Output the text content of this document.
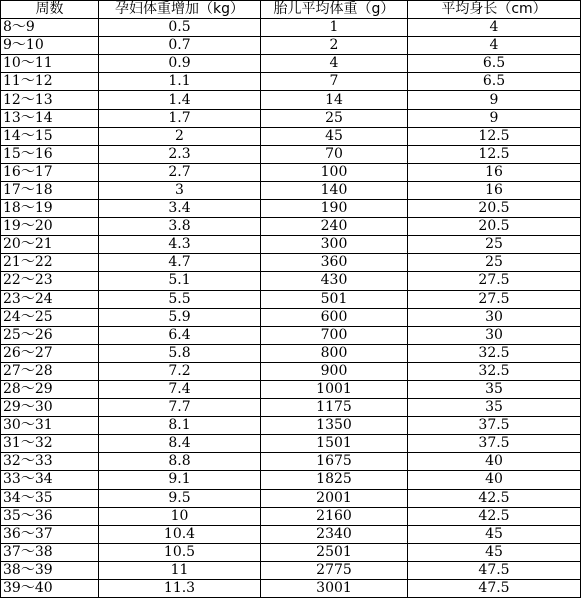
周数	孕妇体重增加（kg）	胎儿平均体重（g）	平均身长（cm）
8～9	0.5	1	4
9～10	0.7	2	4
10～11	0.9	4	6.5
11～12	1.1	7	6.5
12～13	1.4	14	9
13～14	1.7	25	9
14～15	2	45	12.5
15～16	2.3	70	12.5
16～17	2.7	100	16
17～18	3	140	16
18～19	3.4	190	20.5
19～20	3.8	240	20.5
20～21	4.3	300	25
21～22	4.7	360	25
22～23	5.1	430	27.5
23～24	5.5	501	27.5
24～25	5.9	600	30
25～26	6.4	700	30
26～27	5.8	800	32.5
27～28	7.2	900	32.5
28～29	7.4	1001	35
29～30	7.7	1175	35
30～31	8.1	1350	37.5
31～32	8.4	1501	37.5
32～33	8.8	1675	40
33～34	9.1	1825	40
34～35	9.5	2001	42.5
35～36	10	2160	42.5
36～37	10.4	2340	45
37～38	10.5	2501	45
38～39	11	2775	47.5
39～40	11.3	3001	47.5
